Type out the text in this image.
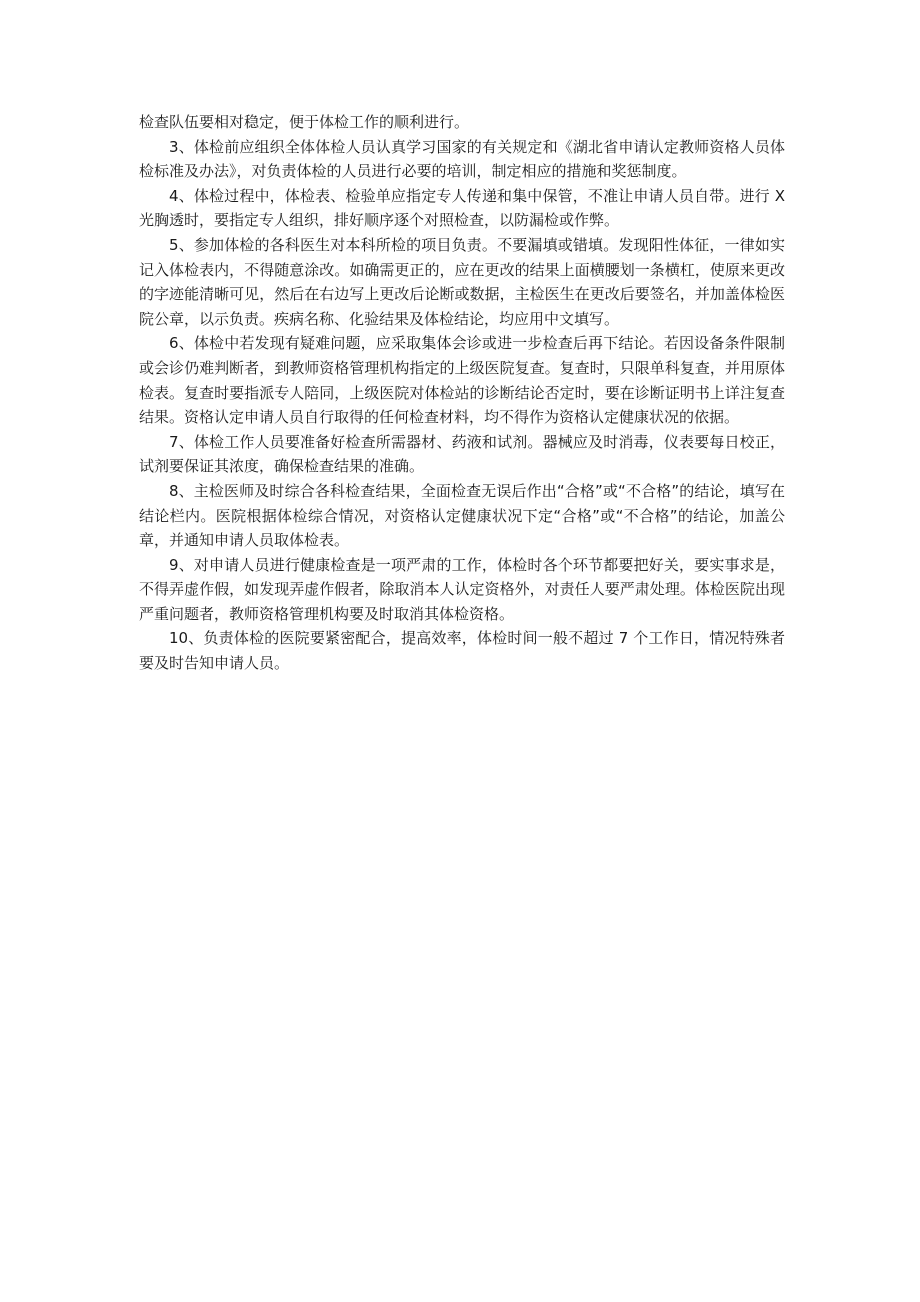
检查队伍要相对稳定，便于体检工作的顺利进行。

3、体检前应组织全体体检人员认真学习国家的有关规定和《湖北省申请认定教师资格人员体检标准及办法》，对负责体检的人员进行必要的培训，制定相应的措施和奖惩制度。

4、体检过程中，体检表、检验单应指定专人传递和集中保管，不准让申请人员自带。进行 X 光胸透时，要指定专人组织，排好顺序逐个对照检查，以防漏检或作弊。

5、参加体检的各科医生对本科所检的项目负责。不要漏填或错填。发现阳性体征，一律如实记入体检表内，不得随意涂改。如确需更正的，应在更改的结果上面横腰划一条横杠，使原来更改的字迹能清晰可见，然后在右边写上更改后论断或数据，主检医生在更改后要签名，并加盖体检医院公章，以示负责。疾病名称、化验结果及体检结论，均应用中文填写。

6、体检中若发现有疑难问题，应采取集体会诊或进一步检查后再下结论。若因设备条件限制或会诊仍难判断者，到教师资格管理机构指定的上级医院复查。复查时，只限单科复查，并用原体检表。复查时要指派专人陪同，上级医院对体检站的诊断结论否定时，要在诊断证明书上详注复查结果。资格认定申请人员自行取得的任何检查材料，均不得作为资格认定健康状况的依据。

7、体检工作人员要准备好检查所需器材、药液和试剂。器械应及时消毒，仪表要每日校正，试剂要保证其浓度，确保检查结果的准确。

8、主检医师及时综合各科检查结果，全面检查无误后作出“合格”或“不合格”的结论，填写在结论栏内。医院根据体检综合情况，对资格认定健康状况下定“合格”或“不合格”的结论，加盖公章，并通知申请人员取体检表。

9、对申请人员进行健康检查是一项严肃的工作，体检时各个环节都要把好关，要实事求是，不得弄虚作假，如发现弄虚作假者，除取消本人认定资格外，对责任人要严肃处理。体检医院出现严重问题者，教师资格管理机构要及时取消其体检资格。

10、负责体检的医院要紧密配合，提高效率，体检时间一般不超过 7 个工作日，情况特殊者要及时告知申请人员。
